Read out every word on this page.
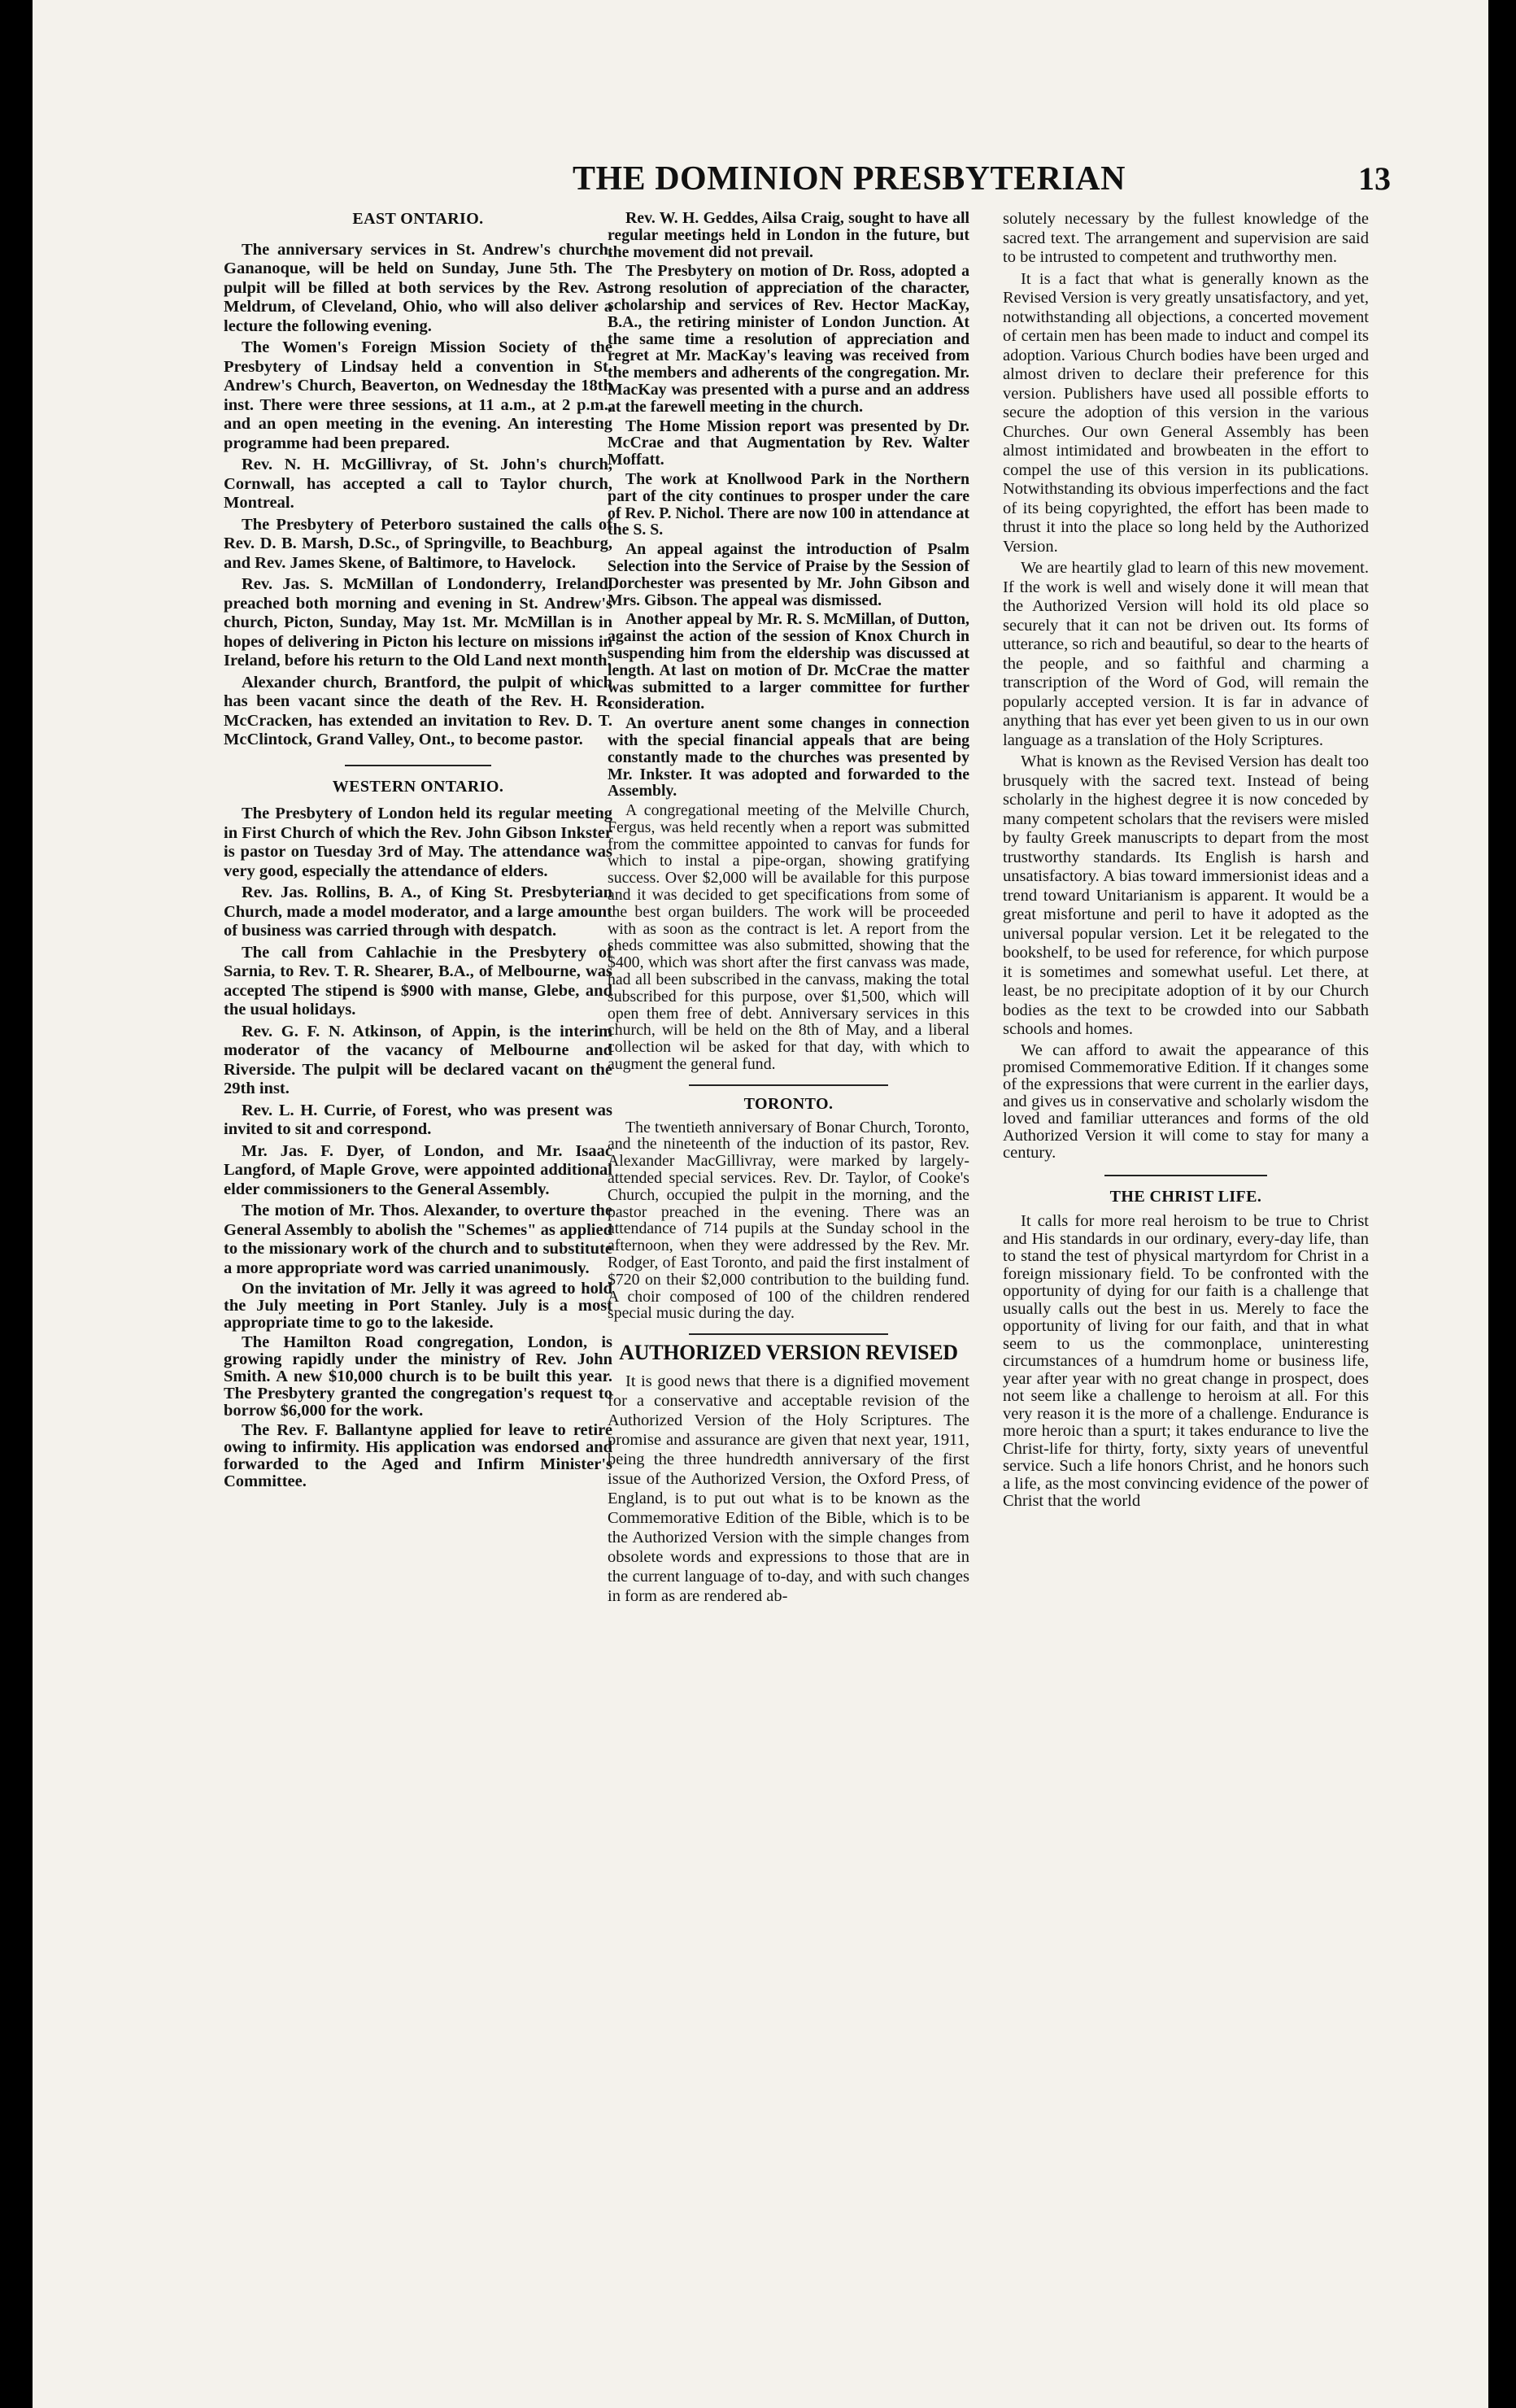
THE DOMINION PRESBYTERIAN	13
EAST ONTARIO.

The anniversary services in St. Andrew's church, Gananoque, will be held on Sunday, June 5th. The pulpit will be filled at both services by the Rev. A. Meldrum, of Cleveland, Ohio, who will also deliver a lecture the following evening.

The Women's Foreign Mission Society of the Presbytery of Lindsay held a convention in St. Andrew's Church, Beaverton, on Wednesday the 18th inst. There were three sessions, at 11 a.m., at 2 p.m., and an open meeting in the evening. An interesting programme had been prepared.

Rev. N. H. McGillivray, of St. John's church, Cornwall, has accepted a call to Taylor church, Montreal.

The Presbytery of Peterboro sustained the calls of Rev. D. B. Marsh, D.Sc., of Springville, to Beachburg, and Rev. James Skene, of Baltimore, to Havelock.

Rev. Jas. S. McMillan of Londonderry, Ireland, preached both morning and evening in St. Andrew's church, Picton, Sunday, May 1st. Mr. McMillan is in hopes of delivering in Picton his lecture on missions in Ireland, before his return to the Old Land next month.

Alexander church, Brantford, the pulpit of which has been vacant since the death of the Rev. H. R. McCracken, has extended an invitation to Rev. D. T. McClintock, Grand Valley, Ont., to become pastor.

WESTERN ONTARIO.

The Presbytery of London held its regular meeting in First Church of which the Rev. John Gibson Inkster is pastor on Tuesday 3rd of May. The attendance was very good, especially the attendance of elders.

Rev. Jas. Rollins, B. A., of King St. Presbyterian Church, made a model moderator, and a large amount of business was carried through with despatch.

The call from Cahlachie in the Presbytery of Sarnia, to Rev. T. R. Shearer, B.A., of Melbourne, was accepted The stipend is $900 with manse, Glebe, and the usual holidays.

Rev. G. F. N. Atkinson, of Appin, is the interim moderator of the vacancy of Melbourne and Riverside. The pulpit will be declared vacant on the 29th inst.

Rev. L. H. Currie, of Forest, who was present was invited to sit and correspond.

Mr. Jas. F. Dyer, of London, and Mr. Isaac Langford, of Maple Grove, were appointed additional elder commissioners to the General Assembly.

The motion of Mr. Thos. Alexander, to overture the General Assembly to abolish the "Schemes" as applied to the missionary work of the church and to substitute a more appropriate word was carried unanimously.

On the invitation of Mr. Jelly it was agreed to hold the July meeting in Port Stanley. July is a most appropriate time to go to the lakeside.

The Hamilton Road congregation, London, is growing rapidly under the ministry of Rev. John Smith. A new $10,000 church is to be built this year. The Presbytery granted the congregation's request to borrow $6,000 for the work.

The Rev. F. Ballantyne applied for leave to retire owing to infirmity. His application was endorsed and forwarded to the Aged and Infirm Minister's Committee.

Rev. W. H. Geddes, Ailsa Craig, sought to have all regular meetings held in London in the future, but the movement did not prevail.

The Presbytery on motion of Dr. Ross, adopted a strong resolution of appreciation of the character, scholarship and services of Rev. Hector MacKay, B.A., the retiring minister of London Junction. At the same time a resolution of appreciation and regret at Mr. MacKay's leaving was received from the members and adherents of the congregation. Mr. MacKay was presented with a purse and an address at the farewell meeting in the church.

The Home Mission report was presented by Dr. McCrae and that Augmentation by Rev. Walter Moffatt.

The work at Knollwood Park in the Northern part of the city continues to prosper under the care of Rev. P. Nichol. There are now 100 in attendance at the S. S.

An appeal against the introduction of Psalm Selection into the Service of Praise by the Session of Dorchester was presented by Mr. John Gibson and Mrs. Gibson. The appeal was dismissed.

Another appeal by Mr. R. S. McMillan, of Dutton, against the action of the session of Knox Church in suspending him from the eldership was discussed at length. At last on motion of Dr. McCrae the matter was submitted to a larger committee for further consideration.

An overture anent some changes in connection with the special financial appeals that are being constantly made to the churches was presented by Mr. Inkster. It was adopted and forwarded to the Assembly.

A congregational meeting of the Melville Church, Fergus, was held recently when a report was submitted from the committee appointed to canvas for funds for which to instal a pipe-organ, showing gratifying success. Over $2,000 will be available for this purpose and it was decided to get specifications from some of the best organ builders. The work will be proceeded with as soon as the contract is let. A report from the sheds committee was also submitted, showing that the $400, which was short after the first canvass was made, had all been subscribed in the canvass, making the total subscribed for this purpose, over $1,500, which will open them free of debt. Anniversary services in this church, will be held on the 8th of May, and a liberal collection wil be asked for that day, with which to augment the general fund.

TORONTO.

The twentieth anniversary of Bonar Church, Toronto, and the nineteenth of the induction of its pastor, Rev. Alexander MacGillivray, were marked by largely-attended special services. Rev. Dr. Taylor, of Cooke's Church, occupied the pulpit in the morning, and the pastor preached in the evening. There was an attendance of 714 pupils at the Sunday school in the afternoon, when they were addressed by the Rev. Mr. Rodger, of East Toronto, and paid the first instalment of $720 on their $2,000 contribution to the building fund. A choir composed of 100 of the children rendered special music during the day.

AUTHORIZED VERSION REVISED

It is good news that there is a dignified movement for a conservative and acceptable revision of the Authorized Version of the Holy Scriptures. The promise and assurance are given that next year, 1911, being the three hundredth anniversary of the first issue of the Authorized Version, the Oxford Press, of England, is to put out what is to be known as the Commemorative Edition of the Bible, which is to be the Authorized Version with the simple changes from obsolete words and expressions to those that are in the current language of to-day, and with such changes in form as are rendered ab-

solutely necessary by the fullest knowledge of the sacred text. The arrangement and supervision are said to be intrusted to competent and truthworthy men.

It is a fact that what is generally known as the Revised Version is very greatly unsatisfactory, and yet, notwithstanding all objections, a concerted movement of certain men has been made to induct and compel its adoption. Various Church bodies have been urged and almost driven to declare their preference for this version. Publishers have used all possible efforts to secure the adoption of this version in the various Churches. Our own General Assembly has been almost intimidated and browbeaten in the effort to compel the use of this version in its publications. Notwithstanding its obvious imperfections and the fact of its being copyrighted, the effort has been made to thrust it into the place so long held by the Authorized Version.

We are heartily glad to learn of this new movement. If the work is well and wisely done it will mean that the Authorized Version will hold its old place so securely that it can not be driven out. Its forms of utterance, so rich and beautiful, so dear to the hearts of the people, and so faithful and charming a transcription of the Word of God, will remain the popularly accepted version. It is far in advance of anything that has ever yet been given to us in our own language as a translation of the Holy Scriptures.

What is known as the Revised Version has dealt too brusquely with the sacred text. Instead of being scholarly in the highest degree it is now conceded by many competent scholars that the revisers were misled by faulty Greek manuscripts to depart from the most trustworthy standards. Its English is harsh and unsatisfactory. A bias toward immersionist ideas and a trend toward Unitarianism is apparent. It would be a great misfortune and peril to have it adopted as the universal popular version. Let it be relegated to the bookshelf, to be used for reference, for which purpose it is sometimes and somewhat useful. Let there, at least, be no precipitate adoption of it by our Church bodies as the text to be crowded into our Sabbath schools and homes.

We can afford to await the appearance of this promised Commemorative Edition. If it changes some of the expressions that were current in the earlier days, and gives us in conservative and scholarly wisdom the loved and familiar utterances and forms of the old Authorized Version it will come to stay for many a century.

THE CHRIST LIFE.

It calls for more real heroism to be true to Christ and His standards in our ordinary, every-day life, than to stand the test of physical martyrdom for Christ in a foreign missionary field. To be confronted with the opportunity of dying for our faith is a challenge that usually calls out the best in us. Merely to face the opportunity of living for our faith, and that in what seem to us the commonplace, uninteresting circumstances of a humdrum home or business life, year after year with no great change in prospect, does not seem like a challenge to heroism at all. For this very reason it is the more of a challenge. Endurance is more heroic than a spurt; it takes endurance to live the Christ-life for thirty, forty, sixty years of uneventful service. Such a life honors Christ, and he honors such a life, as the most convincing evidence of the power of Christ that the world
